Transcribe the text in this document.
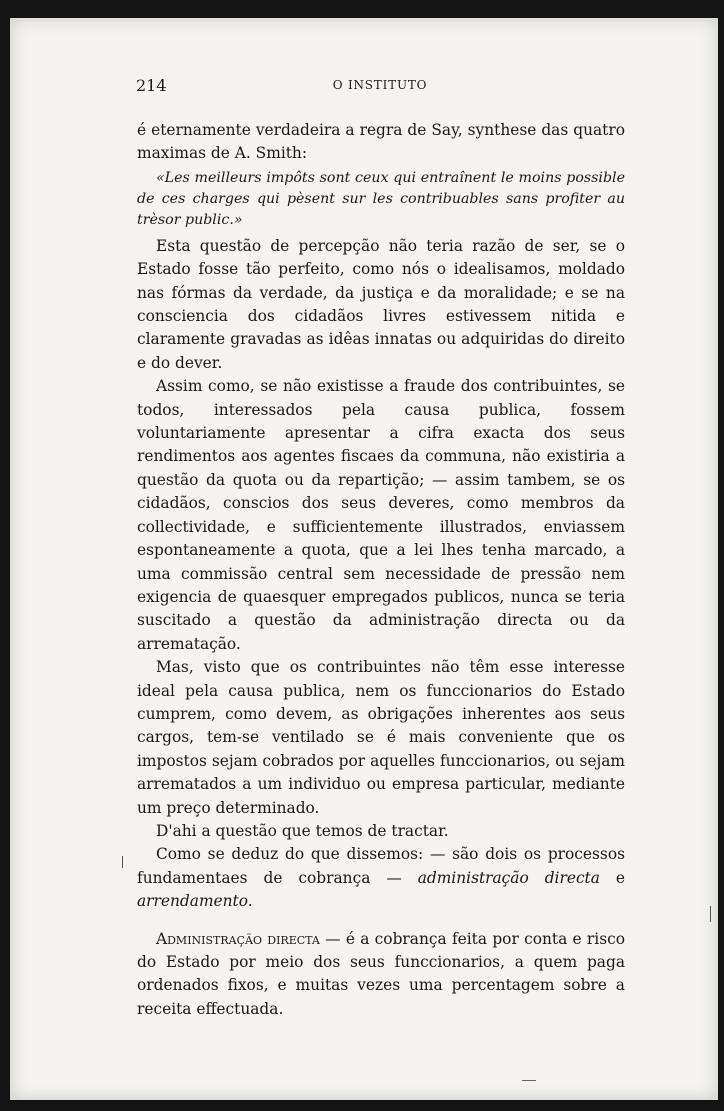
214	O INSTITUTO

é eternamente verdadeira a regra de Say, synthese das quatro maximas de A. Smith:

«Les meilleurs impôts sont ceux qui entraînent le moins possible de ces charges qui pèsent sur les contribuables sans profiter au trèsor public.»

Esta questão de percepção não teria razão de ser, se o Estado fosse tão perfeito, como nós o idealisamos, moldado nas fórmas da verdade, da justiça e da moralidade; e se na consciencia dos cidadãos livres estivessem nitida e claramente gravadas as idêas innatas ou adquiridas do direito e do dever.

Assim como, se não existisse a fraude dos contribuintes, se todos, interessados pela causa publica, fossem voluntariamente apresentar a cifra exacta dos seus rendimentos aos agentes fiscaes da communa, não existiria a questão da quota ou da repartição; — assim tambem, se os cidadãos, conscios dos seus deveres, como membros da collectividade, e sufficientemente illustrados, enviassem espontaneamente a quota, que a lei lhes tenha marcado, a uma commissão central sem necessidade de pressão nem exigencia de quaesquer empregados publicos, nunca se teria suscitado a questão da administração directa ou da arrematação.

Mas, visto que os contribuintes não têm esse interesse ideal pela causa publica, nem os funccionarios do Estado cumprem, como devem, as obrigações inherentes aos seus cargos, tem-se ventilado se é mais conveniente que os impostos sejam cobrados por aquelles funccionarios, ou sejam arrematados a um individuo ou empresa particular, mediante um preço determinado.

D'ahi a questão que temos de tractar.

Como se deduz do que dissemos: — são dois os processos fundamentaes de cobrança — administração directa e arrendamento.

Administração directa — é a cobrança feita por conta e risco do Estado por meio dos seus funccionarios, a quem paga ordenados fixos, e muitas vezes uma percentagem sobre a receita effectuada.
